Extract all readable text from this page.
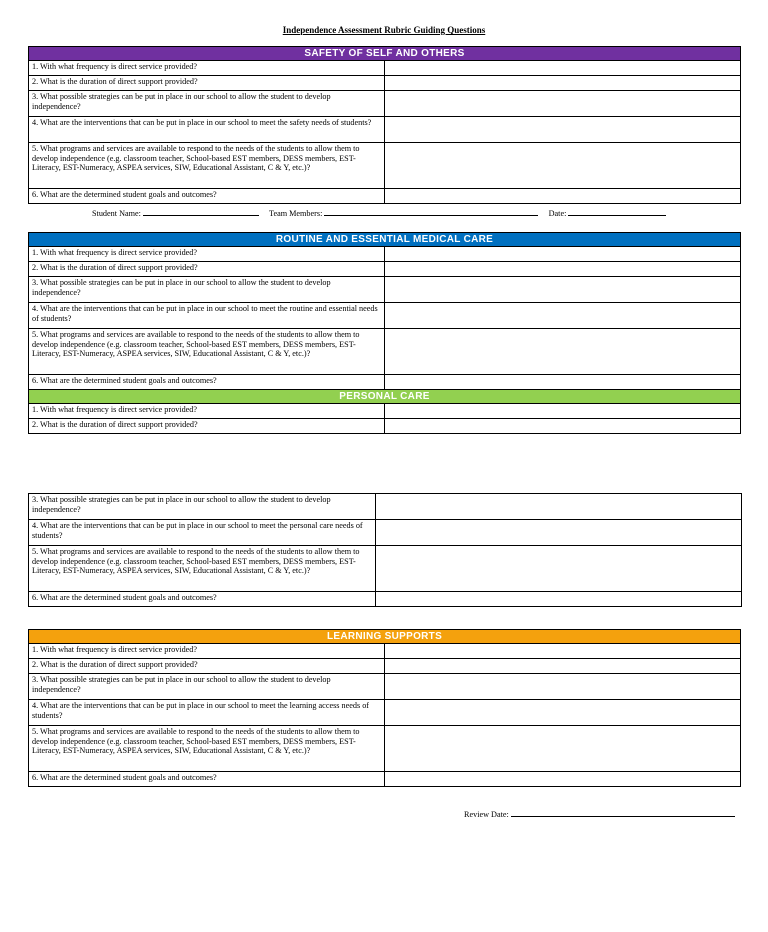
Independence Assessment Rubric Guiding Questions
SAFETY OF SELF AND OTHERS	
1. With what frequency is direct service provided?	
2. What is the duration of direct support provided?	
3. What possible strategies can be put in place in our school to allow the student to develop independence?	
4. What are the interventions that can be put in place in our school to meet the safety needs of students?	
5. What programs and services are available to respond to the needs of the students to allow them to develop independence (e.g. classroom teacher, School-based EST members, DESS members, EST- Literacy, EST-Numeracy, ASPEA services, SIW, Educational Assistant, C & Y, etc.)?	
6. What are the determined student goals and outcomes?	
Student Name:	Team Members:	Date:
ROUTINE AND ESSENTIAL MEDICAL CARE	
1. With what frequency is direct service provided?	
2. What is the duration of direct support provided?	
3. What possible strategies can be put in place in our school to allow the student to develop independence?	
4. What are the interventions that can be put in place in our school to meet the routine and essential needs of students?	
5. What programs and services are available to respond to the needs of the students to allow them to develop independence (e.g. classroom teacher, School-based EST members, DESS members, EST- Literacy, EST-Numeracy, ASPEA services, SIW, Educational Assistant, C & Y, etc.)?	
6. What are the determined student goals and outcomes?	
PERSONAL CARE	
1. With what frequency is direct service provided?	
2. What is the duration of direct support provided?	
3. What possible strategies can be put in place in our school to allow the student to develop independence?	
4. What are the interventions that can be put in place in our school to meet the personal care needs of students?	
5. What programs and services are available to respond to the needs of the students to allow them to develop independence (e.g. classroom teacher, School-based EST members, DESS members, EST- Literacy, EST-Numeracy, ASPEA services, SIW, Educational Assistant, C & Y, etc.)?	
6. What are the determined student goals and outcomes?	
LEARNING SUPPORTS	
1. With what frequency is direct service provided?	
2. What is the duration of direct support provided?	
3. What possible strategies can be put in place in our school to allow the student to develop independence?	
4. What are the interventions that can be put in place in our school to meet the learning access needs of students?	
5. What programs and services are available to respond to the needs of the students to allow them to develop independence (e.g. classroom teacher, School-based EST members, DESS members, EST- Literacy, EST-Numeracy, ASPEA services, SIW, Educational Assistant, C & Y, etc.)?	
6. What are the determined student goals and outcomes?	
Review Date:
